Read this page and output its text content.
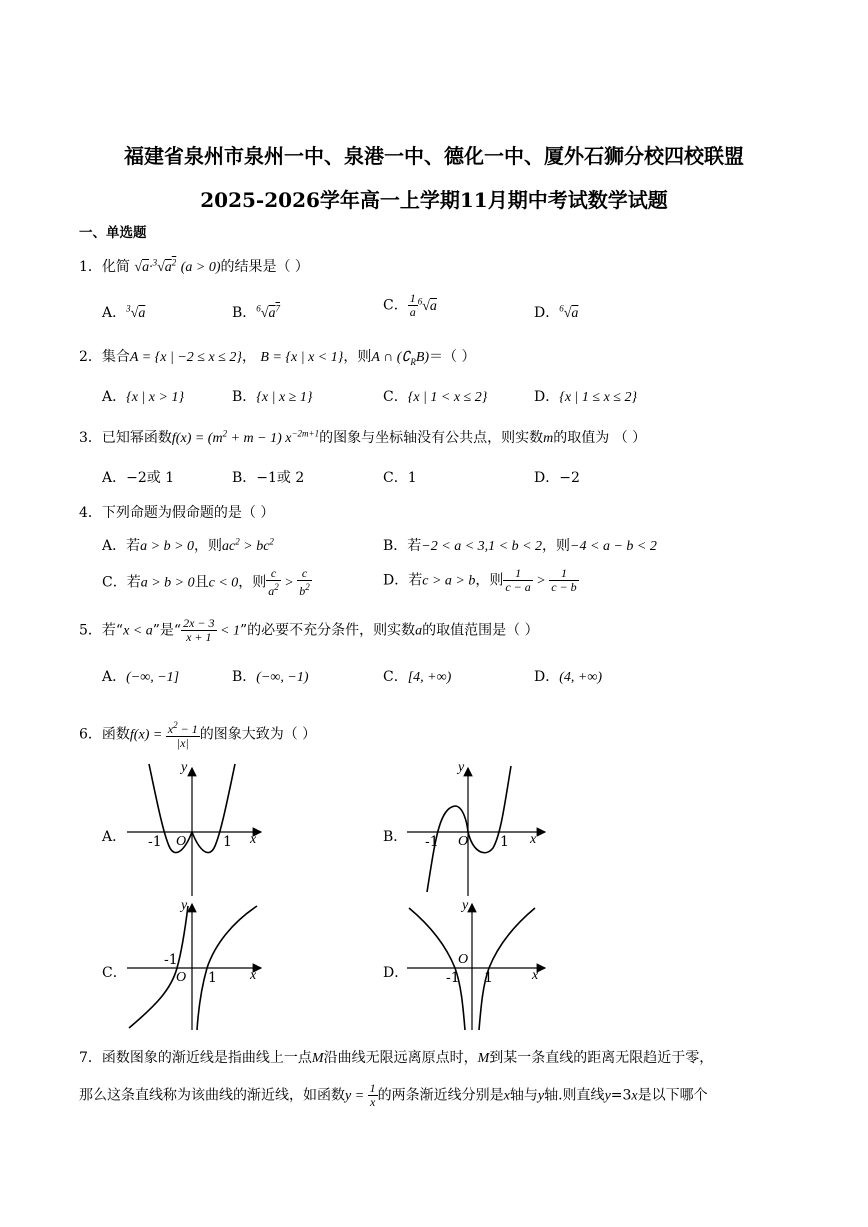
福建省泉州市泉州一中、泉港一中、德化一中、厦外石狮分校四校联盟
2025-2026学年高一上学期11月期中考试数学试题
一、单选题
1．化简 $√a\cdot^3√a^2$ (a > 0)的结果是（ ）
A．$^3$√a	B．$^6√a^7$	C． $\frac{1}{a} ^6√a$	D．$^6$√a
2．集合A = {x | −2 ≤ x ≤ 2}， B = {x | x < 1}，则A ∩ $(∁_RB)=$（ ）
A．{x | x > 1}	B．{x | x ≥ 1}	C．{x | 1 < x ≤ 2}	D．{x | 1 ≤ x ≤ 2}
3．已知幂函数$f(x) = (m^2 + m - 1)$ $x^{-2m+1}$的图象与坐标轴没有公共点，则实数m的取值为 （ ）
A．−2或 1	B．−1或 2	C．1	D．−2
4．下列命题为假命题的是（ ）
A．若a > b > 0，则$ac^2 > bc^2$	B．若−2 < a < 3,1 < b < 2，则−4 < a − b < 2
C．若a > b > 0且c < 0，则 $\frac{c}{a^2} > \frac{c}{b^2}$	D．若c > a > b，则 $\frac{1}{c - a} > \frac{1}{c - b}$
5．若“x < a”是“ $\frac{2x - 3}{x + 1} < 1$”的必要不充分条件，则实数a的取值范围是（ ）
A．(−∞, −1]	B．(−∞, −1)	C．[4, +∞)	D．(4, +∞)
6．函数$f(x) = \frac{x^2 - 1}{|x|}$ 的图象大致为（ ）
A．	B．
C．	D．
y
x
O
-1	1
y
x
O
-1	1
y
x
O
-1
1
y
x
O
-1 1
7．函数图象的渐近线是指曲线上一点M沿曲线无限远离原点时，M到某一条直线的距离无限趋近于零，
那么这条直线称为该曲线的渐近线，如函数$y = \frac{1}{x}$ 的两条渐近线分别是x轴与y轴.则直线y=3x是以下哪个
